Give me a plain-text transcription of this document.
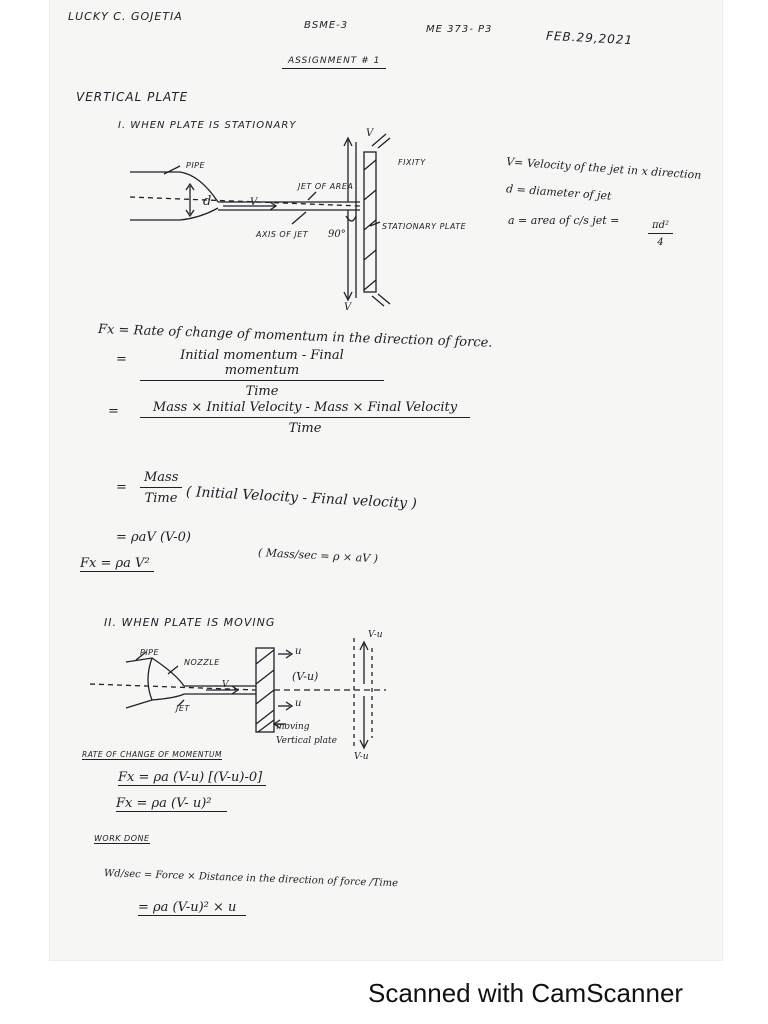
LUCKY C. GOJETIA
BSME-3	ME 373- P3	FEB.29,2021
ASSIGNMENT # 1
VERTICAL PLATE
I. WHEN PLATE IS STATIONARY
PIPE
d	V
JET OF AREA
AXIS OF JET 90°
FIXITY
STATIONARY PLATE
V
V
V= Velocity of the jet in x direction
d = diameter of jet
a = area of c/s jet =	$\frac{\text{πd²}}{4}$
Fx = Rate of change of momentum in the direction of force.
=	Initial momentum - Final momentum
Time
=	Mass × Initial Velocity - Mass × Final Velocity
Time
=
Mass
Time ( Initial Velocity - Final velocity )
= ρaV (V-0)
( Mass/sec = ρ × aV )
Fx = ρa V²
II. WHEN PLATE IS MOVING
PIPE
NOZZLE
JET
V
u
u
(V-u)
moving Vertical plate
V-u
V-u
RATE OF CHANGE OF MOMENTUM
Fx = ρa (V-u) [(V-u)-0]
Fx = ρa (V- u)²
WORK DONE
Wd/sec = Force × Distance in the direction of force /Time
= ρa (V-u)² × u
Scanned with CamScanner
